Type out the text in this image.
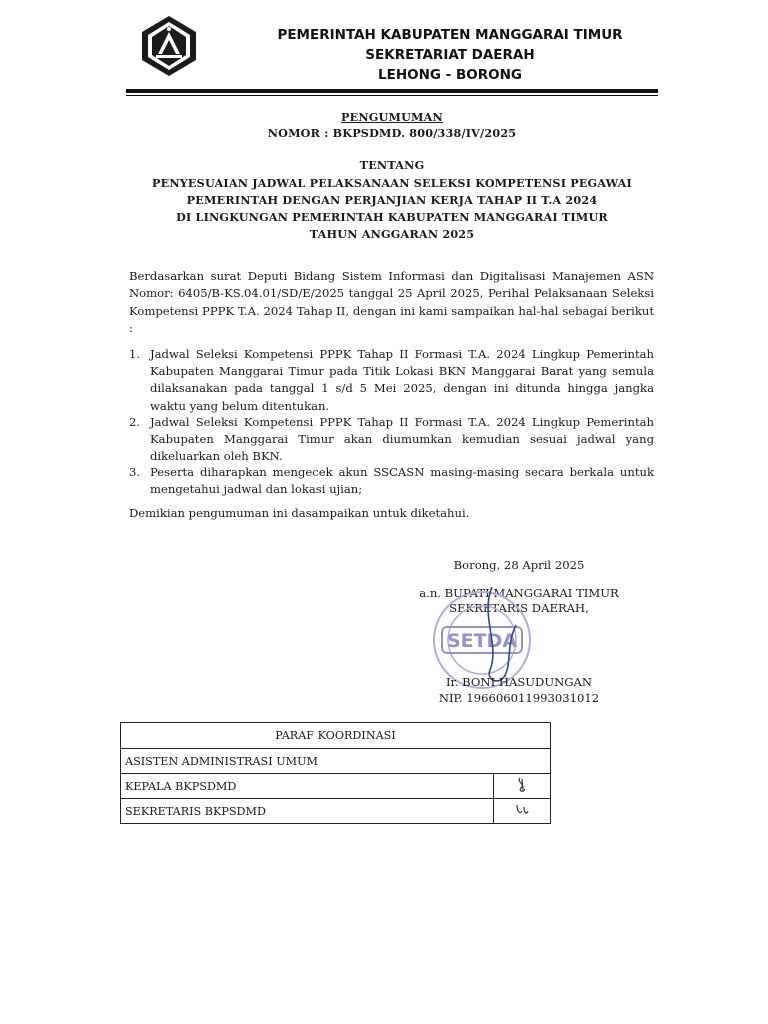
PEMERINTAH KABUPATEN MANGGARAI TIMUR
SEKRETARIAT DAERAH
LEHONG - BORONG
PENGUMUMAN
NOMOR : BKPSDMD. 800/338/IV/2025
TENTANG
PENYESUAIAN JADWAL PELAKSANAAN SELEKSI KOMPETENSI PEGAWAI
PEMERINTAH DENGAN PERJANJIAN KERJA TAHAP II T.A 2024
DI LINGKUNGAN PEMERINTAH KABUPATEN MANGGARAI TIMUR
TAHUN ANGGARAN 2025
Berdasarkan surat Deputi Bidang Sistem Informasi dan Digitalisasi Manajemen ASN Nomor: 6405/B-KS.04.01/SD/E/2025 tanggal 25 April 2025, Perihal Pelaksanaan Seleksi Kompetensi PPPK T.A. 2024 Tahap II, dengan ini kami sampaikan hal-hal sebagai berikut :
1. Jadwal Seleksi Kompetensi PPPK Tahap II Formasi T.A. 2024 Lingkup Pemerintah Kabupaten Manggarai Timur pada Titik Lokasi BKN Manggarai Barat yang semula dilaksanakan pada tanggal 1 s/d 5 Mei 2025, dengan ini ditunda hingga jangka waktu yang belum ditentukan.
2. Jadwal Seleksi Kompetensi PPPK Tahap II Formasi T.A. 2024 Lingkup Pemerintah Kabupaten Manggarai Timur akan diumumkan kemudian sesuai jadwal yang dikeluarkan oleh BKN.
3. Peserta diharapkan mengecek akun SSCASN masing-masing secara berkala untuk mengetahui jadwal dan lokasi ujian;
Demikian pengumuman ini dasampaikan untuk diketahui.
Borong, 28 April 2025
a.n. BUPATI MANGGARAI TIMUR
SEKRETARIS DAERAH,
SETDA
Ir. BONI HASUDUNGAN
NIP. 196606011993031012
PARAF KOORDINASI	
ASISTEN ADMINISTRASI UMUM	
KEPALA BKPSDMD	
SEKRETARIS BKPSDMD	
